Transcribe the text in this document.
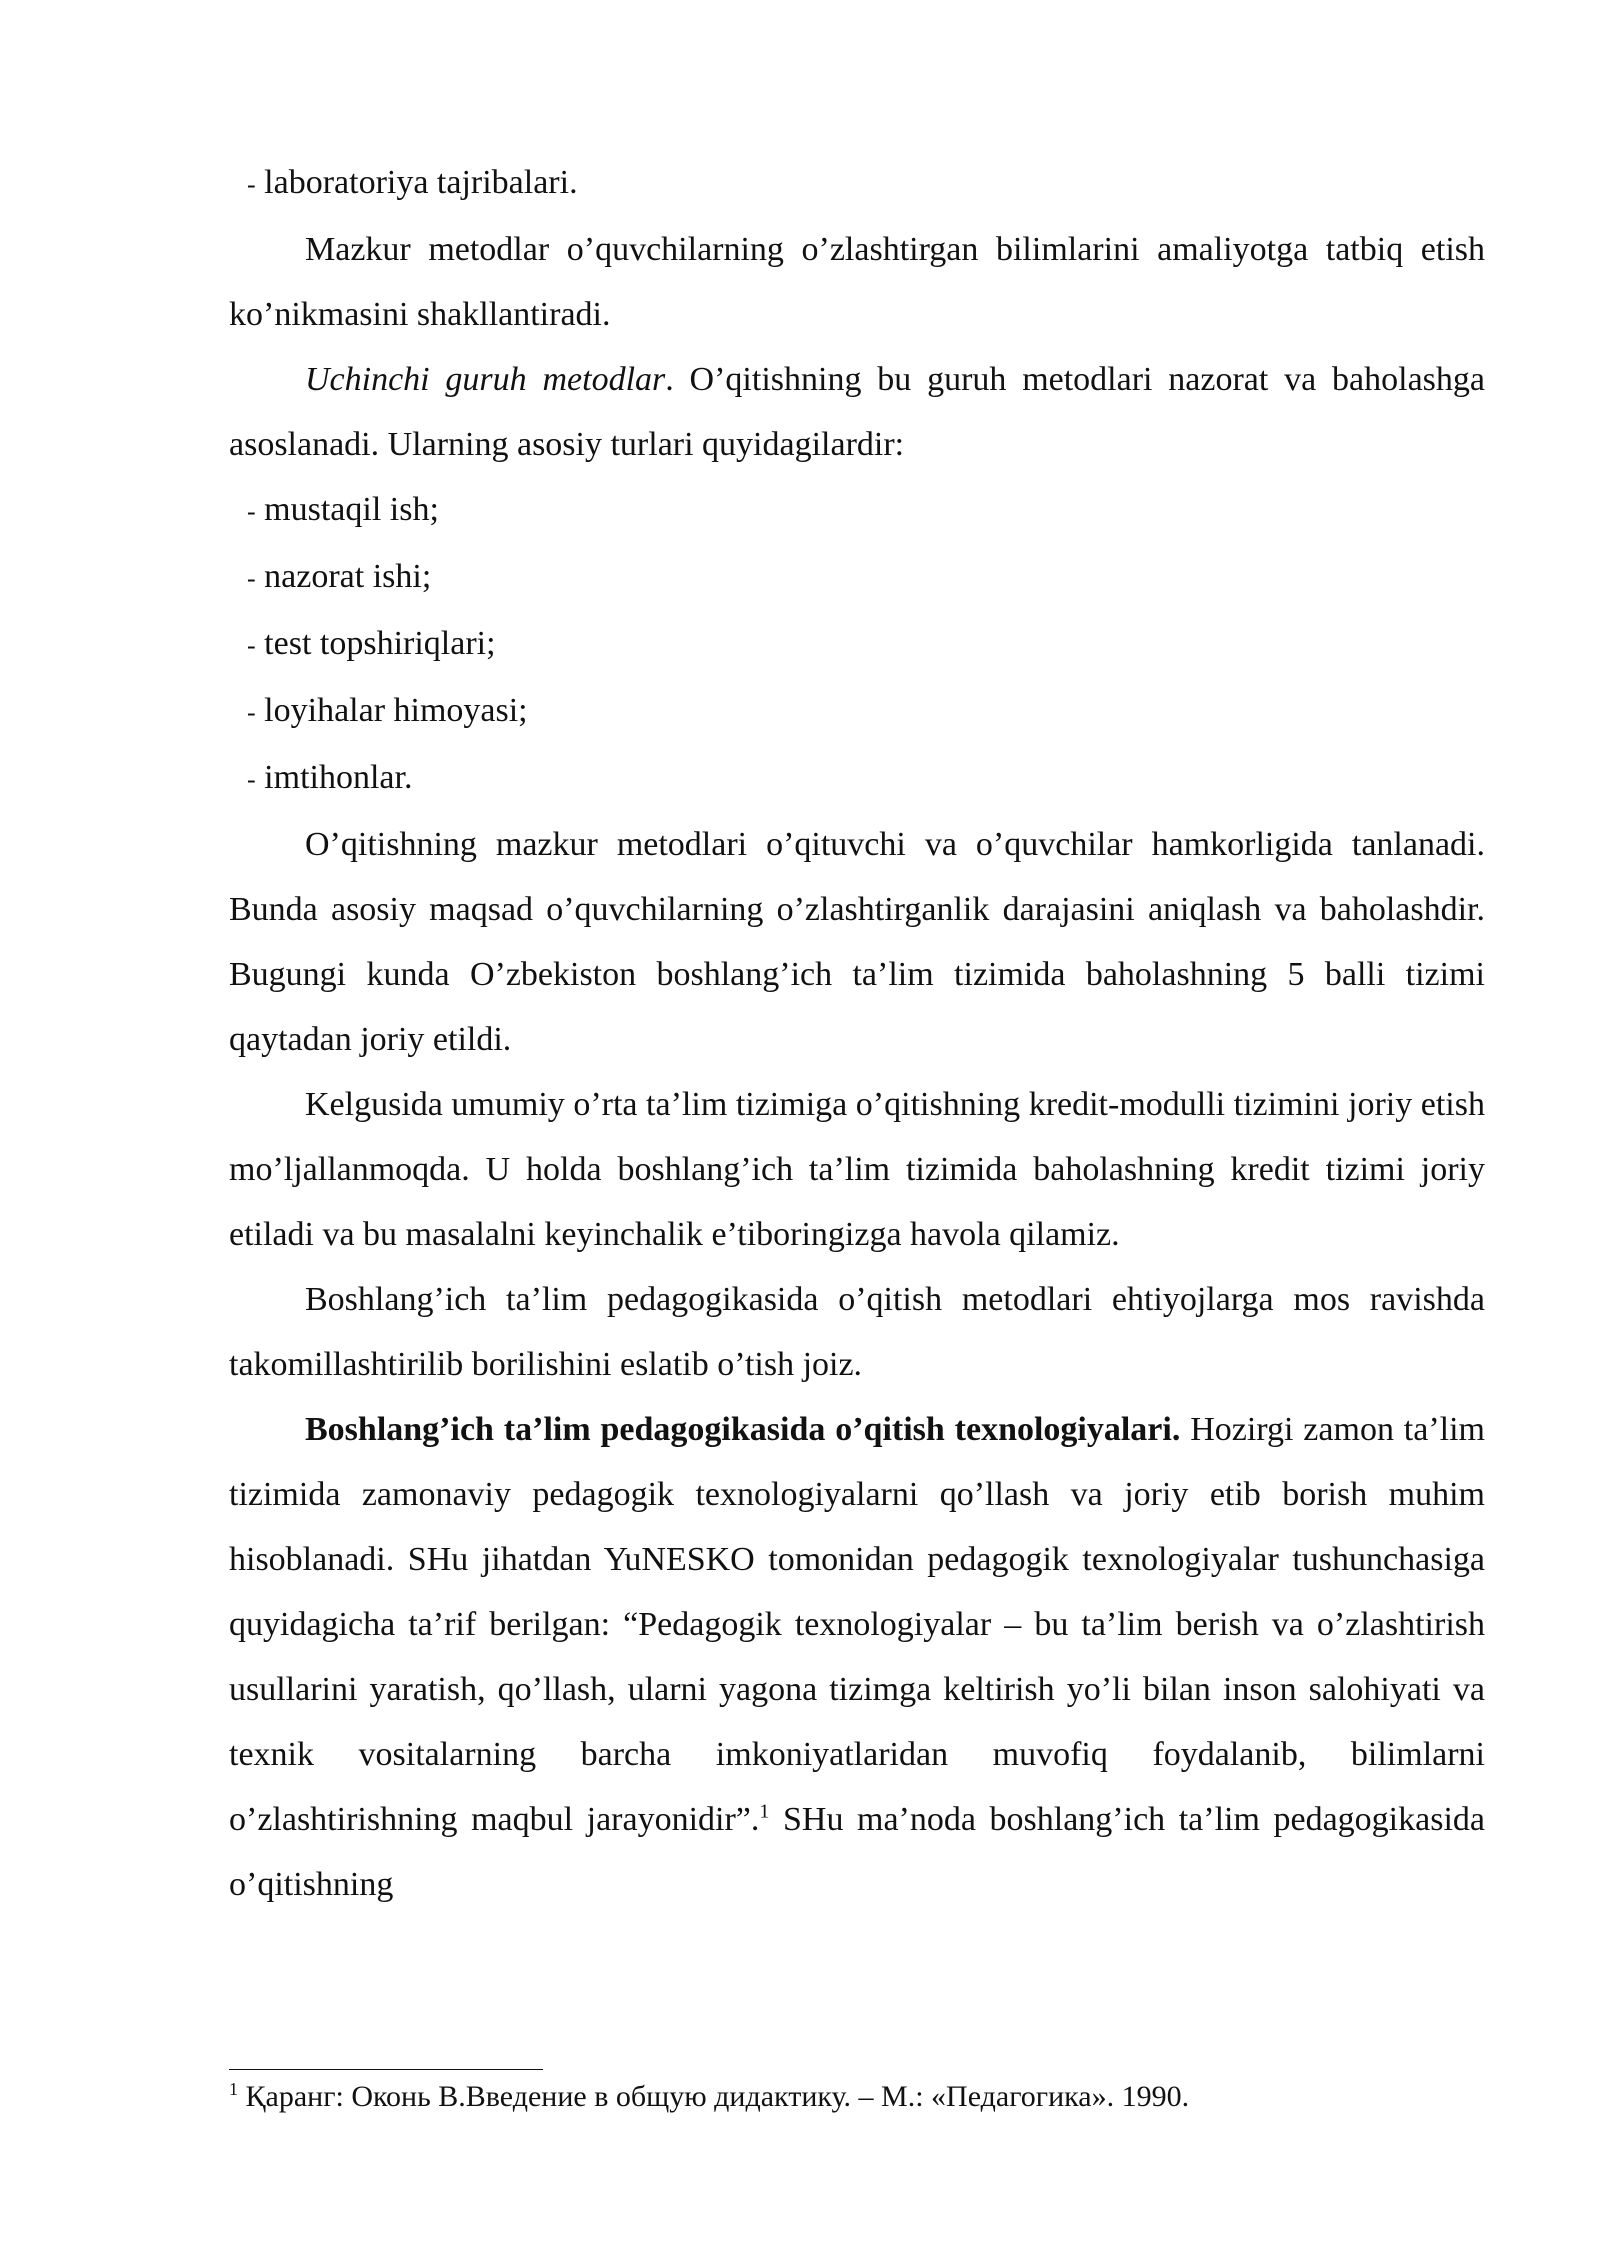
- laboratoriya tajribalari.

Mazkur metodlar o’quvchilarning o’zlashtirgan bilimlarini amaliyotga tatbiq etish ko’nikmasini shakllantiradi.

Uchinchi guruh metodlar. O’qitishning bu guruh metodlari nazorat va baholashga asoslanadi. Ularning asosiy turlari quyidagilardir:

- mustaqil ish;

- nazorat ishi;

- test topshiriqlari;

- loyihalar himoyasi;

- imtihonlar.

O’qitishning mazkur metodlari o’qituvchi va o’quvchilar hamkorligida tanlanadi. Bunda asosiy maqsad o’quvchilarning o’zlashtirganlik darajasini aniqlash va baholashdir. Bugungi kunda O’zbekiston boshlang’ich ta’lim tizimida baholashning 5 balli tizimi qaytadan joriy etildi.

Kelgusida umumiy o’rta ta’lim tizimiga o’qitishning kredit-modulli tizimini joriy etish mo’ljallanmoqda. U holda boshlang’ich ta’lim tizimida baholashning kredit tizimi joriy etiladi va bu masalalni keyinchalik e’tiboringizga havola qilamiz.

Boshlang’ich ta’lim pedagogikasida o’qitish metodlari ehtiyojlarga mos ravishda takomillashtirilib borilishini eslatib o’tish joiz.

Boshlang’ich ta’lim pedagogikasida o’qitish texnologiyalari. Hozirgi zamon ta’lim tizimida zamonaviy pedagogik texnologiyalarni qo’llash va joriy etib borish muhim hisoblanadi. SHu jihatdan YuNESKO tomonidan pedagogik texnologiyalar tushunchasiga quyidagicha ta’rif berilgan: “Pedagogik texnologiyalar – bu ta’lim berish va o’zlashtirish usullarini yaratish, qo’llash, ularni yagona tizimga keltirish yo’li bilan inson salohiyati va texnik vositalarning barcha imkoniyatlaridan muvofiq foydalanib, bilimlarni o’zlashtirishning maqbul jarayonidir”.$^1$ SHu ma’noda boshlang’ich ta’lim pedagogikasida o’qitishning

$^1$ Қаранг: Оконь В.Введение в общую дидактику. – М.: «Педагогика». 1990.
